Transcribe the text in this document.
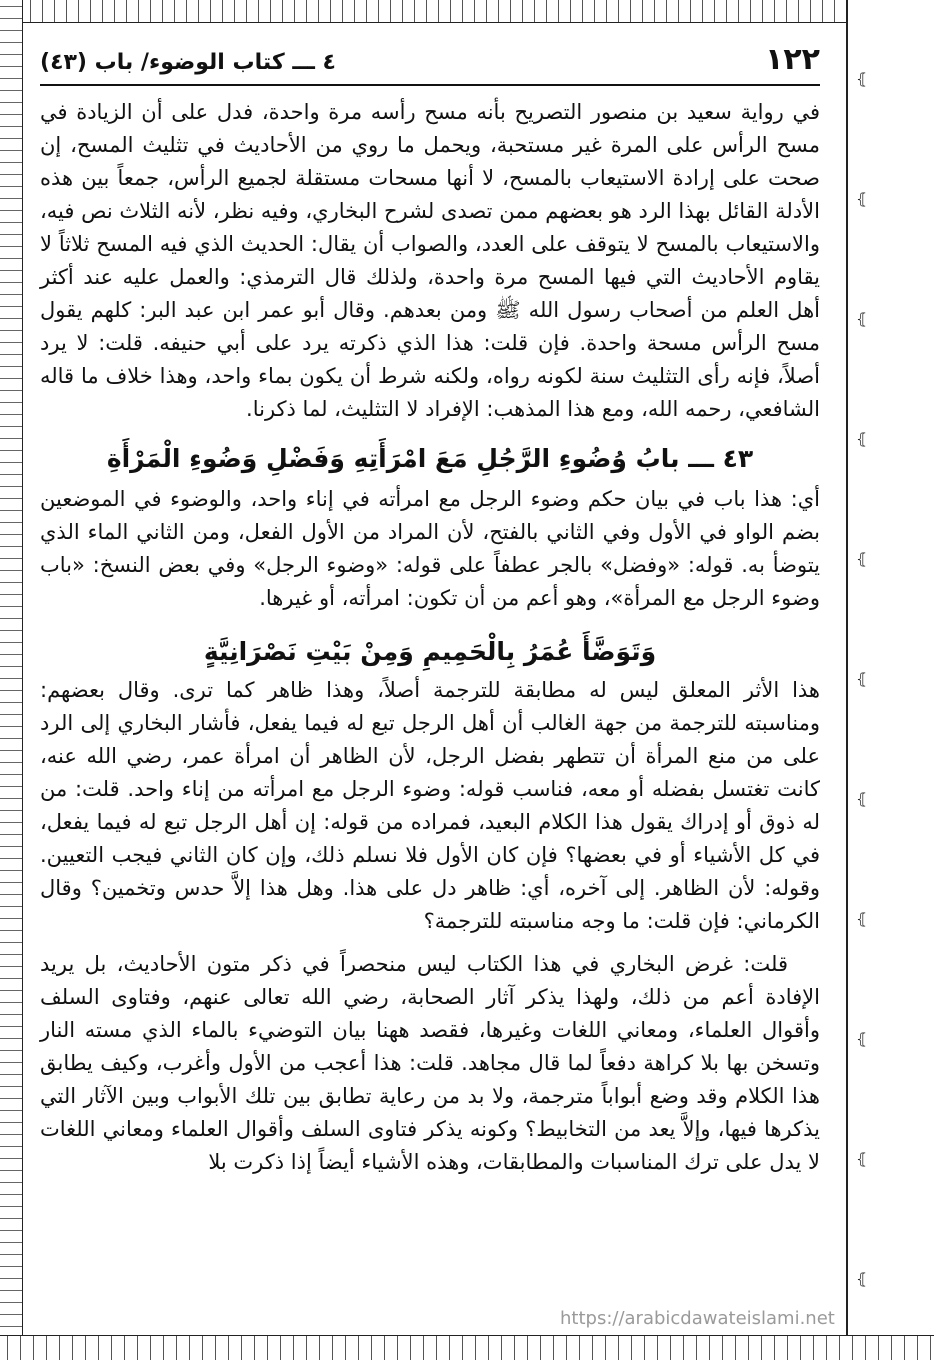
⦃
⦃
⦃
⦃
⦃
⦃
⦃
⦃
⦃
⦃
⦃
١٢٢
٤ ـــ كتاب الوضوء/ باب (٤٣)

في رواية سعيد بن منصور التصريح بأنه مسح رأسه مرة واحدة، فدل على أن الزيادة في مسح الرأس على المرة غير مستحبة، ويحمل ما روي من الأحاديث في تثليث المسح، إن صحت على إرادة الاستيعاب بالمسح، لا أنها مسحات مستقلة لجميع الرأس، جمعاً بين هذه الأدلة القائل بهذا الرد هو بعضهم ممن تصدى لشرح البخاري، وفيه نظر، لأنه الثلاث نص فيه، والاستيعاب بالمسح لا يتوقف على العدد، والصواب أن يقال: الحديث الذي فيه المسح ثلاثاً لا يقاوم الأحاديث التي فيها المسح مرة واحدة، ولذلك قال الترمذي: والعمل عليه عند أكثر أهل العلم من أصحاب رسول الله ﷺ ومن بعدهم. وقال أبو عمر ابن عبد البر: كلهم يقول مسح الرأس مسحة واحدة. فإن قلت: هذا الذي ذكرته يرد على أبي حنيفه. قلت: لا يرد أصلاً، فإنه رأى التثليث سنة لكونه رواه، ولكنه شرط أن يكون بماء واحد، وهذا خلاف ما قاله الشافعي، رحمه الله، ومع هذا المذهب: الإفراد لا التثليث، لما ذكرنا.

٤٣ ـــ بابُ وُضُوءِ الرَّجُلِ مَعَ امْرَأَتِهِ وَفَضْلِ وَضُوءِ الْمَرْأَةِ

أي: هذا باب في بيان حكم وضوء الرجل مع امرأته في إناء واحد، والوضوء في الموضعين بضم الواو في الأول وفي الثاني بالفتح، لأن المراد من الأول الفعل، ومن الثاني الماء الذي يتوضأ به. قوله: «وفضل» بالجر عطفاً على قوله: «وضوء الرجل» وفي بعض النسخ: «باب وضوء الرجل مع المرأة»، وهو أعم من أن تكون: امرأته، أو غيرها.

وَتَوَضَّأَ عُمَرُ بِالْحَمِيمِ وَمِنْ بَيْتِ نَصْرَانِيَّةٍ

هذا الأثر المعلق ليس له مطابقة للترجمة أصلاً، وهذا ظاهر كما ترى. وقال بعضهم: ومناسبته للترجمة من جهة الغالب أن أهل الرجل تبع له فيما يفعل، فأشار البخاري إلى الرد على من منع المرأة أن تتطهر بفضل الرجل، لأن الظاهر أن امرأة عمر، رضي الله عنه، كانت تغتسل بفضله أو معه، فناسب قوله: وضوء الرجل مع امرأته من إناء واحد. قلت: من له ذوق أو إدراك يقول هذا الكلام البعيد، فمراده من قوله: إن أهل الرجل تبع له فيما يفعل، في كل الأشياء أو في بعضها؟ فإن كان الأول فلا نسلم ذلك، وإن كان الثاني فيجب التعيين. وقوله: لأن الظاهر. إلى آخره، أي: ظاهر دل على هذا. وهل هذا إلاَّ حدس وتخمين؟ وقال الكرماني: فإن قلت: ما وجه مناسبته للترجمة؟

قلت: غرض البخاري في هذا الكتاب ليس منحصراً في ذكر متون الأحاديث، بل يريد الإفادة أعم من ذلك، ولهذا يذكر آثار الصحابة، رضي الله تعالى عنهم، وفتاوى السلف وأقوال العلماء، ومعاني اللغات وغيرها، فقصد ههنا بيان التوضيء بالماء الذي مسته النار وتسخن بها بلا كراهة دفعاً لما قال مجاهد. قلت: هذا أعجب من الأول وأغرب، وكيف يطابق هذا الكلام وقد وضع أبواباً مترجمة، ولا بد من رعاية تطابق بين تلك الأبواب وبين الآثار التي يذكرها فيها، وإلاَّ يعد من التخابيط؟ وكونه يذكر فتاوى السلف وأقوال العلماء ومعاني اللغات لا يدل على ترك المناسبات والمطابقات، وهذه الأشياء أيضاً إذا ذكرت بلا

https://arabicdawateislami.net
